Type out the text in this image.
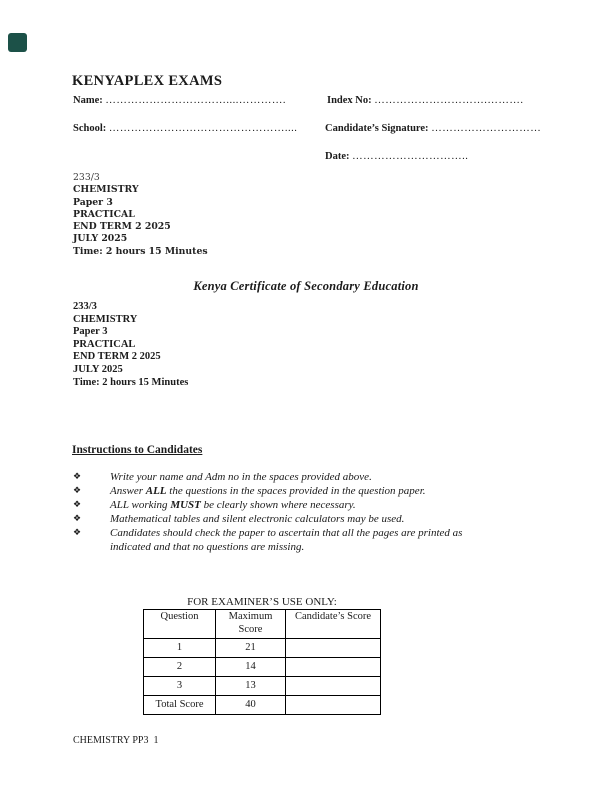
KENYAPLEX EXAMS
Name: ……………………………....………….	Index No: ………………………….……….
School: …………………………………………....	Candidate’s Signature: …………………………
Date: …………………………..
233/3
CHEMISTRY
Paper 3
PRACTICAL
END TERM 2 2025
JULY 2025
Time: 2 hours 15 Minutes
Kenya Certificate of Secondary Education
233/3
CHEMISTRY
Paper 3
PRACTICAL
END TERM 2 2025
JULY 2025
Time: 2 hours 15 Minutes
Instructions to Candidates
❖	Write your name and Adm no in the spaces provided above.
❖	Answer ALL the questions in the spaces provided in the question paper.
❖	ALL working MUST be clearly shown where necessary.
❖	Mathematical tables and silent electronic calculators may be used.
❖	Candidates should check the paper to ascertain that all the pages are printed as indicated and that no questions are missing.
FOR EXAMINER’S USE ONLY:
Question	Maximum Score	Candidate’s Score
1	21	
2	14	
3	13	
Total Score	40	
CHEMISTRY PP3  1
